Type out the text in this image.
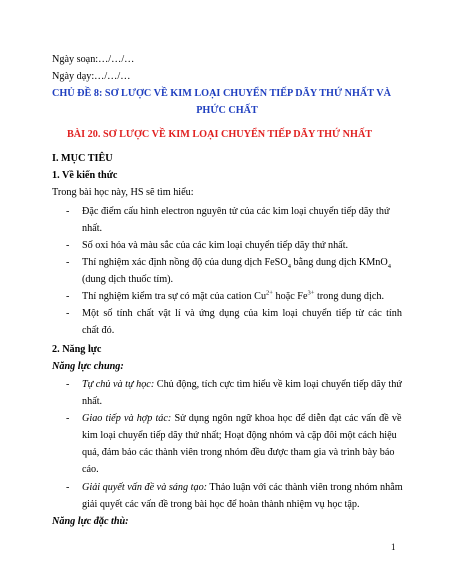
Ngày soạn:…/…/…
Ngày dạy:…/…/…
CHỦ ĐỀ 8: SƠ LƯỢC VỀ KIM LOẠI CHUYỂN TIẾP DÃY THỨ NHẤT VÀ
PHỨC CHẤT
BÀI 20. SƠ LƯỢC VỀ KIM LOẠI CHUYỂN TIẾP DÃY THỨ NHẤT
I. MỤC TIÊU
1. Về kiến thức
Trong bài học này, HS sẽ tìm hiểu:
- Đặc điểm cấu hình electron nguyên tử của các kim loại chuyển tiếp dãy thứ
nhất.
- Số oxi hóa và màu sắc của các kim loại chuyển tiếp dãy thứ nhất.
- Thí nghiệm xác định nồng độ của dung dịch FeSO$_4$ bằng dung dịch KMnO$_4$
(dung dịch thuốc tím).
- Thí nghiệm kiểm tra sự có mặt của cation $Cu^{2+}$ hoặc $Fe^{3+}$ trong dung dịch.
- Một số tính chất vật lí và ứng dụng của kim loại chuyển tiếp từ các tính
chất đó.
2. Năng lực
Năng lực chung:
- Tự chủ và tự học: Chủ động, tích cực tìm hiểu về kim loại chuyển tiếp dãy thứ
nhất.
- Giao tiếp và hợp tác: Sử dụng ngôn ngữ khoa học để diễn đạt các vấn đề về
kim loại chuyển tiếp dãy thứ nhất; Hoạt động nhóm và cặp đôi một cách hiệu
quả, đảm bảo các thành viên trong nhóm đều được tham gia và trình bày báo
cáo.
- Giải quyết vấn đề và sáng tạo: Thảo luận với các thành viên trong nhóm nhằm
giải quyết các vấn đề trong bài học để hoàn thành nhiệm vụ học tập.
Năng lực đặc thù:
1
